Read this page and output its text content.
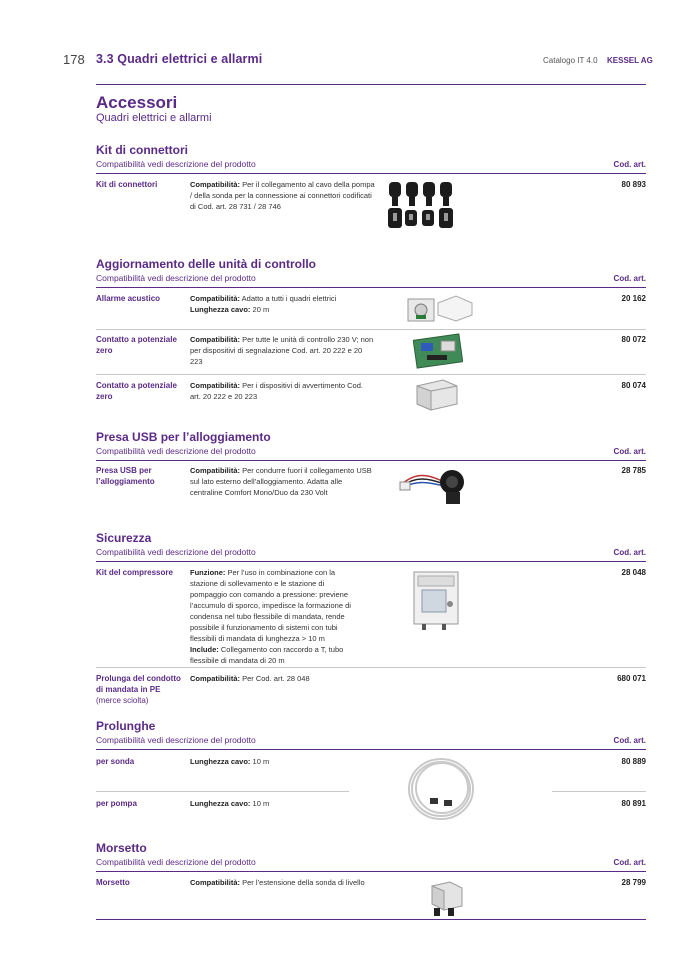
178 3.3 Quadri elettrici e allarmi	Catalogo IT 4.0 KESSEL AG
Accessori
Quadri elettrici e allarmi
Kit di connettori
Compatibilità vedi descrizione del prodotto	Cod. art.
Kit di connettori	Compatibilità: Per il collegamento al cavo della pompa / della sonda per la connessione ai connettori codificati di Cod. art. 28 731 / 28 746
80 893
Aggiornamento delle unità di controllo
Compatibilità vedi descrizione del prodotto	Cod. art.
Allarme acustico	Compatibilità: Adatto a tutti i quadri elettrici
Lunghezza cavo: 20 m
20 162
Contatto a potenziale zero
Compatibilità: Per tutte le unità di controllo 230 V; non per dispositivi di segnalazione Cod. art. 20 222 e 20 223
80 072
Contatto a potenziale zero
Compatibilità: Per i dispositivi di avvertimento Cod. art. 20 222 e 20 223
80 074
Presa USB per l’alloggiamento
Compatibilità vedi descrizione del prodotto	Cod. art.
Presa USB per l’alloggiamento
Compatibilità: Per condurre fuori il collegamento USB sul lato esterno dell’alloggiamento. Adatta alle centraline Comfort Mono/Duo da 230 Volt
28 785
Sicurezza
Compatibilità vedi descrizione del prodotto	Cod. art.
Kit del compressore	Funzione: Per l’uso in combinazione con la stazione di sollevamento e le stazione di pompaggio con comando a pressione: previene l’accumulo di sporco, impedisce la formazione di condensa nel tubo flessibile di mandata, rende possibile il funzionamento di sistemi con tubi flessibili di mandata di lunghezza > 10 m
Include: Collegamento con raccordo a T, tubo flessibile di mandata di 20 m
28 048
Prolunga del condotto di mandata in PE
(merce sciolta)
Compatibilità: Per Cod. art. 28 048	680 071
Prolunghe
Compatibilità vedi descrizione del prodotto	Cod. art.
per sonda	Lunghezza cavo: 10 m	80 889
per pompa	Lunghezza cavo: 10 m	80 891
Morsetto
Compatibilità vedi descrizione del prodotto	Cod. art.
Morsetto	Compatibilità: Per l’estensione della sonda di livello	28 799
